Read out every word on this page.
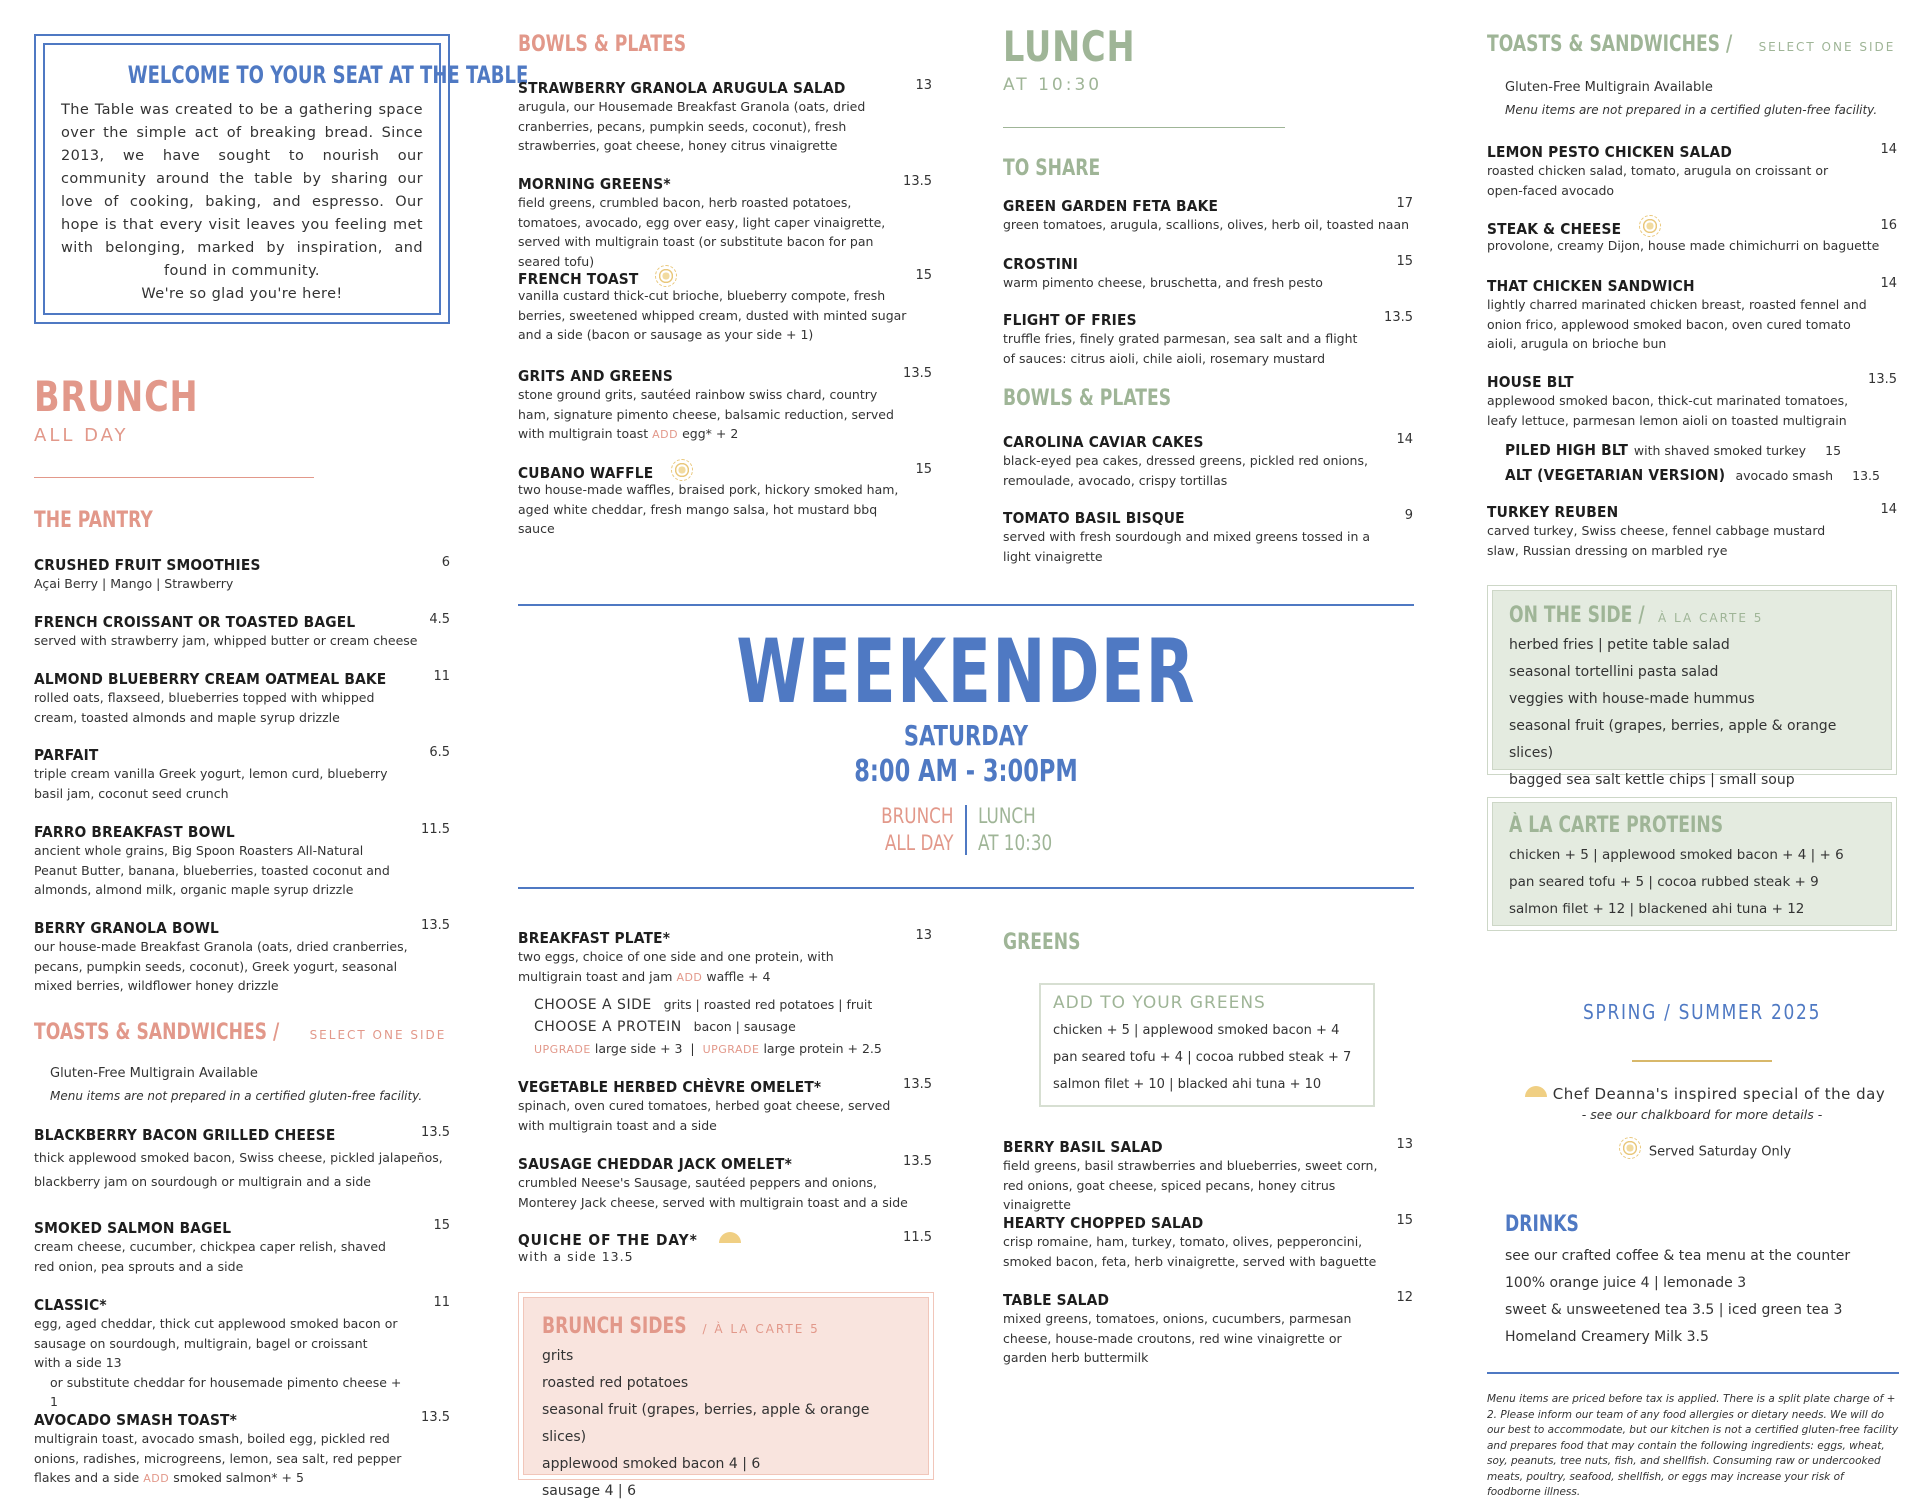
WELCOME TO YOUR SEAT AT THE TABLE
The Table was created to be a gathering space over the simple act of breaking bread. Since 2013, we have sought to nourish our community around the table by sharing our love of cooking, baking, and espresso. Our hope is that every visit leaves you feeling met with belonging, marked by inspiration, and found in community.
We're so glad you're here!
BRUNCH
ALL DAY
THE PANTRY
CRUSHED FRUIT SMOOTHIES	6
Açai Berry | Mango | Strawberry
FRENCH CROISSANT OR TOASTED BAGEL	4.5
served with strawberry jam, whipped butter or cream cheese
ALMOND BLUEBERRY CREAM OATMEAL BAKE	11
rolled oats, flaxseed, blueberries topped with whipped cream, toasted almonds and maple syrup drizzle
PARFAIT	6.5
triple cream vanilla Greek yogurt, lemon curd, blueberry basil jam, coconut seed crunch
FARRO BREAKFAST BOWL	11.5
ancient whole grains, Big Spoon Roasters All-Natural Peanut Butter, banana, blueberries, toasted coconut and almonds, almond milk, organic maple syrup drizzle
BERRY GRANOLA BOWL	13.5
our house-made Breakfast Granola (oats, dried cranberries, pecans, pumpkin seeds, coconut), Greek yogurt, seasonal mixed berries, wildflower honey drizzle
TOASTS & SANDWICHES /	SELECT ONE SIDE
Gluten-Free Multigrain Available
Menu items are not prepared in a certified gluten-free facility.
BLACKBERRY BACON GRILLED CHEESE	13.5
thick applewood smoked bacon, Swiss cheese, pickled jalapeños, blackberry jam on sourdough or multigrain and a side
SMOKED SALMON BAGEL	15
cream cheese, cucumber, chickpea caper relish, shaved red onion, pea sprouts and a side
CLASSIC*	11
egg, aged cheddar, thick cut applewood smoked bacon or sausage on sourdough, multigrain, bagel or croissant
with a side 13
or substitute cheddar for housemade pimento cheese + 1
AVOCADO SMASH TOAST*	13.5
multigrain toast, avocado smash, boiled egg, pickled red onions, radishes, microgreens, lemon, sea salt, red pepper flakes and a side ADD smoked salmon* + 5
BOWLS & PLATES
STRAWBERRY GRANOLA ARUGULA SALAD	13
arugula, our Housemade Breakfast Granola (oats, dried cranberries, pecans, pumpkin seeds, coconut), fresh strawberries, goat cheese, honey citrus vinaigrette
MORNING GREENS*	13.5
field greens, crumbled bacon, herb roasted potatoes, tomatoes, avocado, egg over easy, light caper vinaigrette, served with multigrain toast (or substitute bacon for pan seared tofu)
FRENCH TOAST	15
vanilla custard thick-cut brioche, blueberry compote, fresh berries, sweetened whipped cream, dusted with minted sugar and a side (bacon or sausage as your side + 1)
GRITS AND GREENS	13.5
stone ground grits, sautéed rainbow swiss chard, country ham, signature pimento cheese, balsamic reduction, served with multigrain toast ADD egg* + 2
CUBANO WAFFLE	15
two house-made waffles, braised pork, hickory smoked ham, aged white cheddar, fresh mango salsa, hot mustard bbq sauce
WEEKENDER
SATURDAY
8:00 AM - 3:00PM
BRUNCH
ALL DAY
LUNCH
AT 10:30
BREAKFAST PLATE*	13
two eggs, choice of one side and one protein, with multigrain toast and jam ADD waffle + 4
CHOOSE A SIDE grits | roasted red potatoes | fruit
CHOOSE A PROTEIN bacon | sausage
UPGRADE large side + 3  |  UPGRADE large protein + 2.5
VEGETABLE HERBED CHÈVRE OMELET*	13.5
spinach, oven cured tomatoes, herbed goat cheese, served with multigrain toast and a side
SAUSAGE CHEDDAR JACK OMELET*	13.5
crumbled Neese's Sausage, sautéed peppers and onions, Monterey Jack cheese, served with multigrain toast and a side
QUICHE OF THE DAY*	11.5
with a side 13.5
BRUNCH SIDES / À LA CARTE 5
grits
roasted red potatoes
seasonal fruit (grapes, berries, apple & orange slices)
applewood smoked bacon 4 | 6
sausage 4 | 6
LUNCH
AT 10:30
TO SHARE
GREEN GARDEN FETA BAKE	17
green tomatoes, arugula, scallions, olives, herb oil, toasted naan
CROSTINI	15
warm pimento cheese, bruschetta, and fresh pesto
FLIGHT OF FRIES	13.5
truffle fries, finely grated parmesan, sea salt and a flight of sauces: citrus aioli, chile aioli, rosemary mustard
BOWLS & PLATES
CAROLINA CAVIAR CAKES	14
black-eyed pea cakes, dressed greens, pickled red onions, remoulade, avocado, crispy tortillas
TOMATO BASIL BISQUE	9
served with fresh sourdough and mixed greens tossed in a light vinaigrette
GREENS
ADD TO YOUR GREENS
chicken + 5 | applewood smoked bacon + 4
pan seared tofu + 4 | cocoa rubbed steak + 7
salmon filet + 10 | blacked ahi tuna + 10
BERRY BASIL SALAD	13
field greens, basil strawberries and blueberries, sweet corn, red onions, goat cheese, spiced pecans, honey citrus vinaigrette
HEARTY CHOPPED SALAD	15
crisp romaine, ham, turkey, tomato, olives, pepperoncini, smoked bacon, feta, herb vinaigrette, served with baguette
TABLE SALAD	12
mixed greens, tomatoes, onions, cucumbers, parmesan cheese, house-made croutons, red wine vinaigrette or garden herb buttermilk
TOASTS & SANDWICHES / SELECT ONE SIDE
Gluten-Free Multigrain Available
Menu items are not prepared in a certified gluten-free facility.
LEMON PESTO CHICKEN SALAD	14
roasted chicken salad, tomato, arugula on croissant or open-faced avocado
STEAK & CHEESE	16
provolone, creamy Dijon, house made chimichurri on baguette
THAT CHICKEN SANDWICH	14
lightly charred marinated chicken breast, roasted fennel and onion frico, applewood smoked bacon, oven cured tomato aioli, arugula on brioche bun
HOUSE BLT	13.5
applewood smoked bacon, thick-cut marinated tomatoes, leafy lettuce, parmesan lemon aioli on toasted multigrain
PILED HIGH BLT with shaved smoked turkey 15
ALT (VEGETARIAN VERSION) avocado smash 13.5
TURKEY REUBEN	14
carved turkey, Swiss cheese, fennel cabbage mustard slaw, Russian dressing on marbled rye
ON THE SIDE / À LA CARTE 5
herbed fries | petite table salad
seasonal tortellini pasta salad
veggies with house-made hummus
seasonal fruit (grapes, berries, apple & orange slices)
bagged sea salt kettle chips | small soup
À LA CARTE PROTEINS
chicken + 5 | applewood smoked bacon + 4 | + 6
pan seared tofu + 5 | cocoa rubbed steak + 9
salmon filet + 12 | blackened ahi tuna + 12
SPRING / SUMMER 2025
Chef Deanna's inspired special of the day
- see our chalkboard for more details -
Served Saturday Only
DRINKS
see our crafted coffee & tea menu at the counter
100% orange juice 4 | lemonade 3
sweet & unsweetened tea 3.5 | iced green tea 3
Homeland Creamery Milk 3.5
Menu items are priced before tax is applied. There is a split plate charge of + 2. Please inform our team of any food allergies or dietary needs. We will do our best to accommodate, but our kitchen is not a certified gluten-free facility and prepares food that may contain the following ingredients: eggs, wheat, soy, peanuts, tree nuts, fish, and shellfish. Consuming raw or undercooked meats, poultry, seafood, shellfish, or eggs may increase your risk of foodborne illness.
